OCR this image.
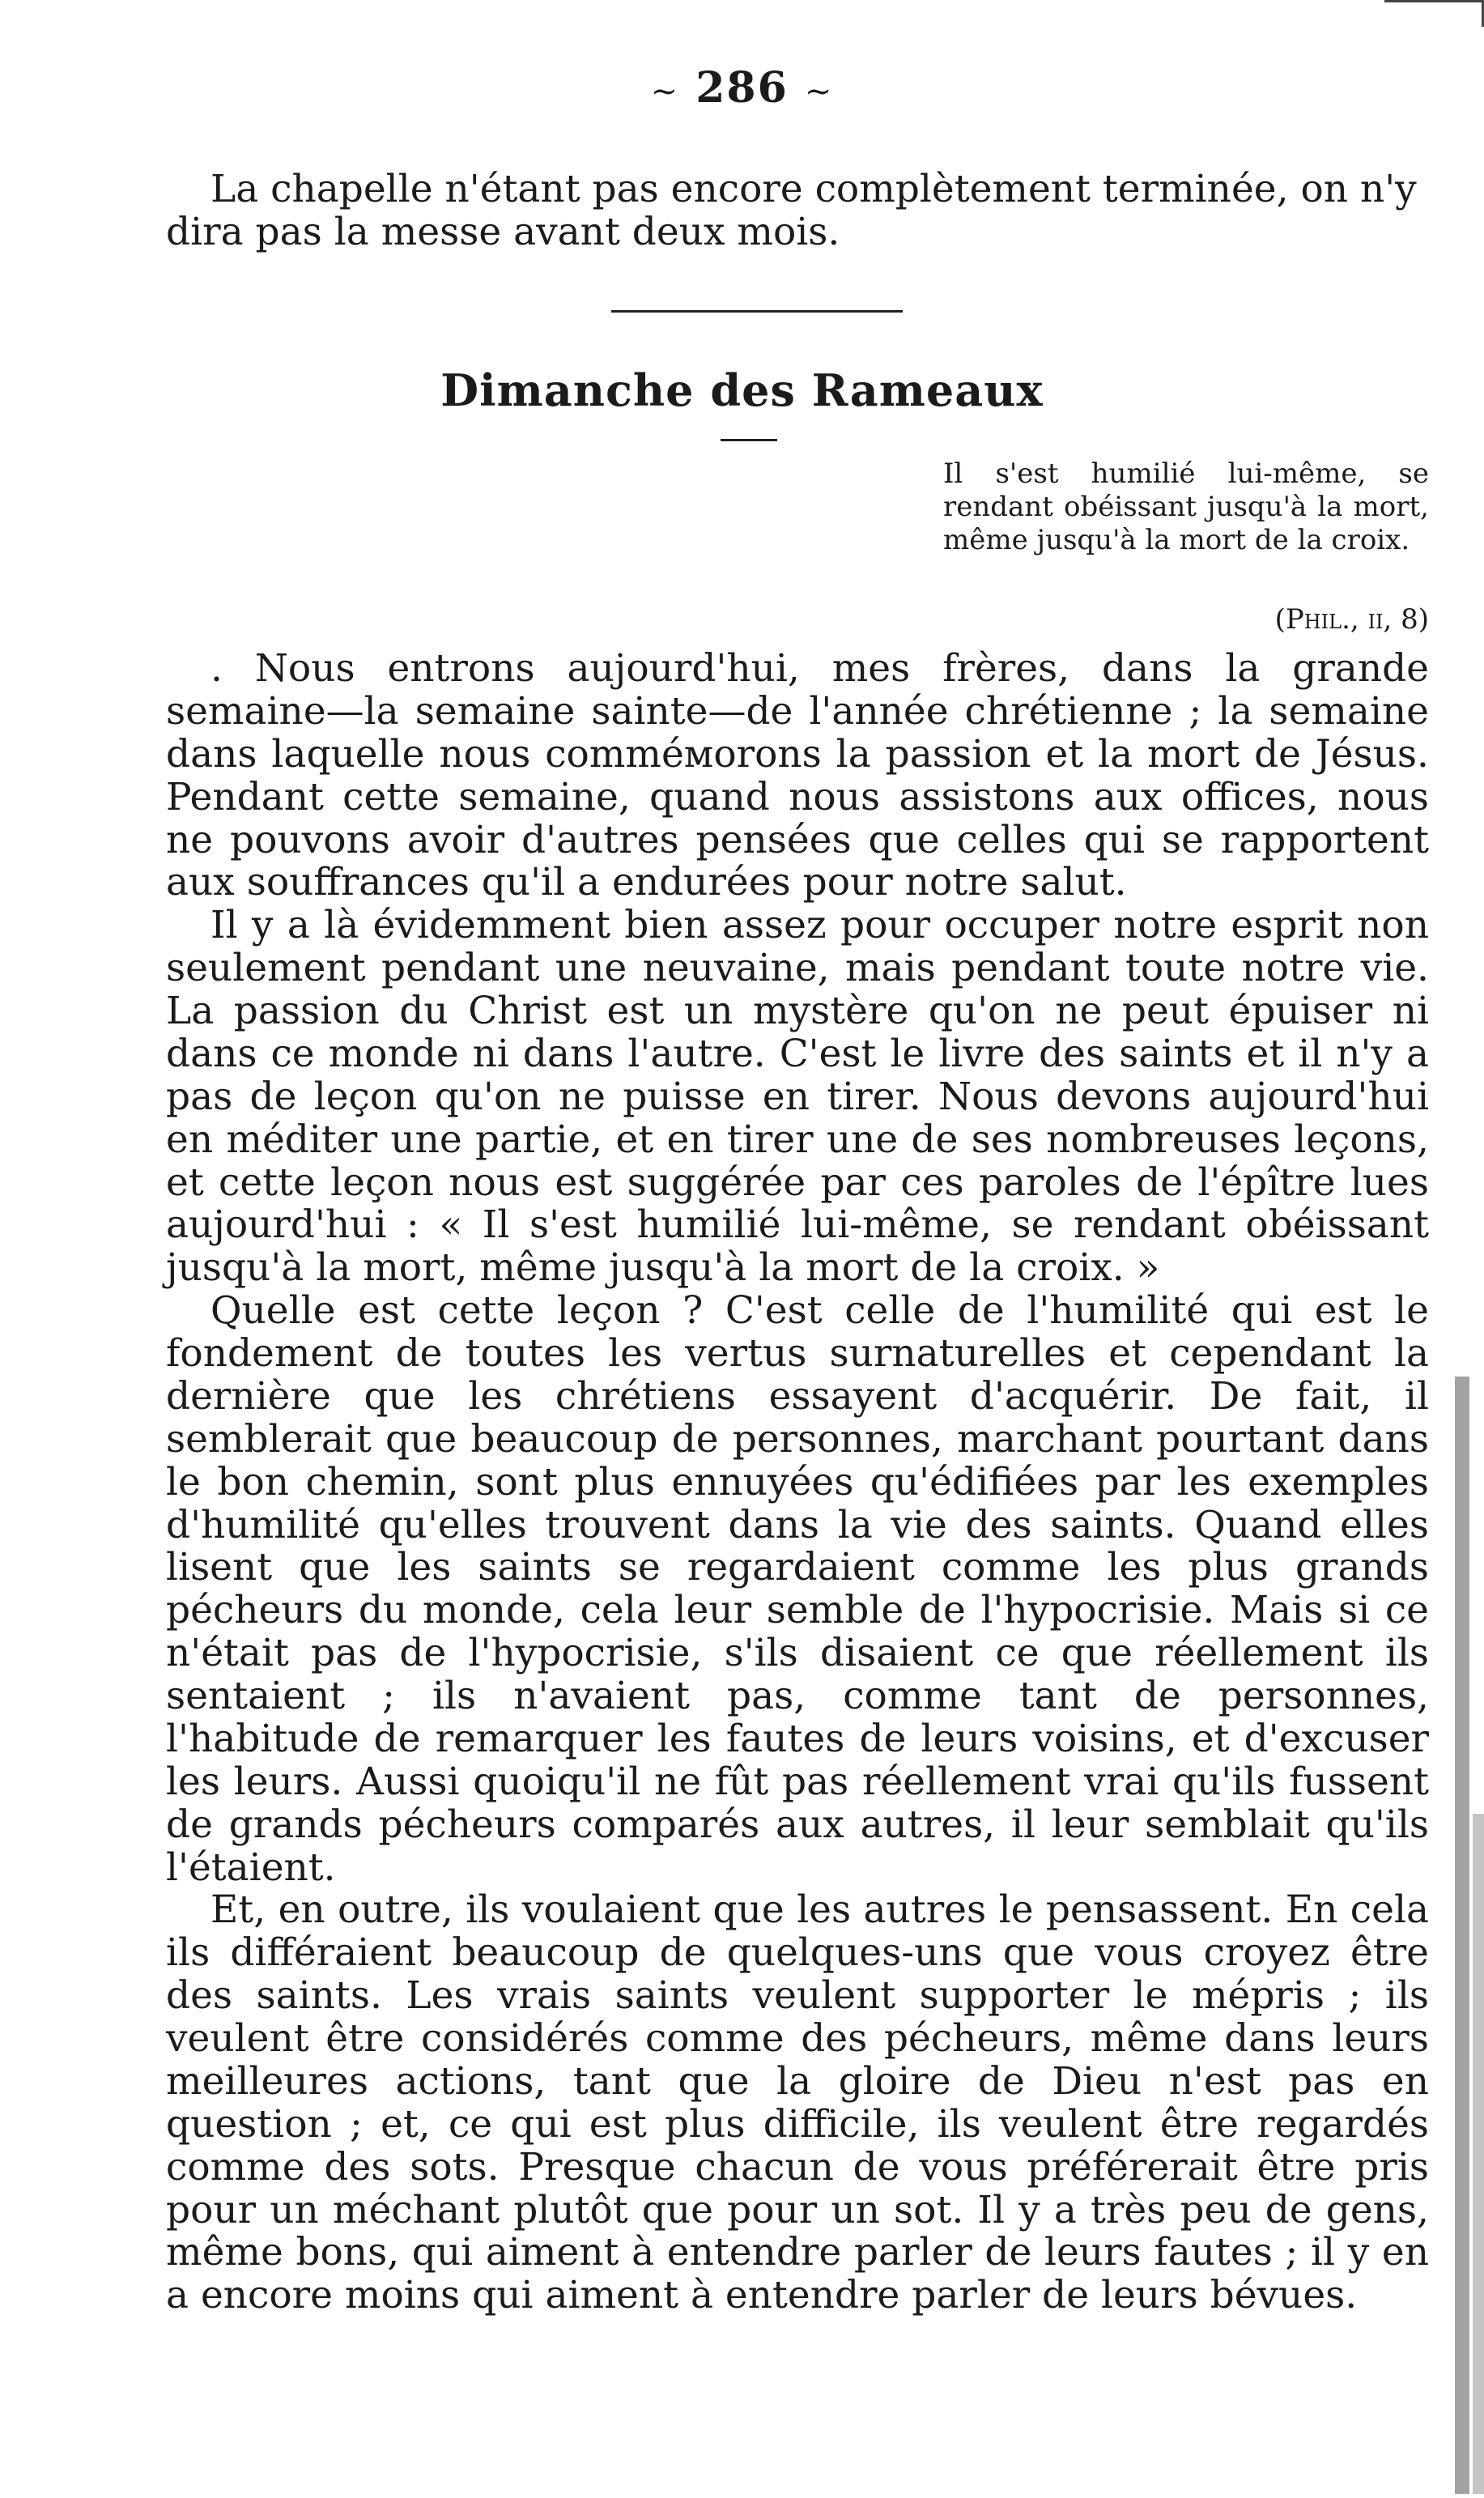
~ 286 ~

La chapelle n'étant pas encore complètement terminée, on n'y dira pas la messe avant deux mois.

Dimanche des Rameaux
Il s'est humilié lui-même, se rendant obéissant jusqu'à la mort, même jusqu'à la mort de la croix.
(Phil., ii, 8)

. Nous entrons aujourd'hui, mes frères, dans la grande semaine—la semaine sainte—de l'année chrétienne ; la semaine dans laquelle nous comméмorons la passion et la mort de Jésus. Pendant cette semaine, quand nous assistons aux offices, nous ne pouvons avoir d'autres pensées que celles qui se rapportent aux souffrances qu'il a endurées pour notre salut.

Il y a là évidemment bien assez pour occuper notre esprit non seulement pendant une neuvaine, mais pendant toute notre vie. La passion du Christ est un mystère qu'on ne peut épuiser ni dans ce monde ni dans l'autre. C'est le livre des saints et il n'y a pas de leçon qu'on ne puisse en tirer. Nous devons aujourd'hui en méditer une partie, et en tirer une de ses nombreuses leçons, et cette leçon nous est suggérée par ces paroles de l'épître lues aujourd'hui : « Il s'est humilié lui-même, se rendant obéissant jusqu'à la mort, même jusqu'à la mort de la croix. »

Quelle est cette leçon ? C'est celle de l'humilité qui est le fondement de toutes les vertus surnaturelles et cependant la dernière que les chrétiens essayent d'acquérir. De fait, il semblerait que beaucoup de personnes, marchant pourtant dans le bon chemin, sont plus ennuyées qu'édifiées par les exemples d'humilité qu'elles trouvent dans la vie des saints. Quand elles lisent que les saints se regardaient comme les plus grands pécheurs du monde, cela leur semble de l'hypocrisie. Mais si ce n'était pas de l'hypocrisie, s'ils disaient ce que réellement ils sentaient ; ils n'avaient pas, comme tant de personnes, l'habitude de remarquer les fautes de leurs voisins, et d'excuser les leurs. Aussi quoiqu'il ne fût pas réellement vrai qu'ils fussent de grands pécheurs comparés aux autres, il leur semblait qu'ils l'étaient.

Et, en outre, ils voulaient que les autres le pensassent. En cela ils différaient beaucoup de quelques-uns que vous croyez être des saints. Les vrais saints veulent supporter le mépris ; ils veulent être considérés comme des pécheurs, même dans leurs meilleures actions, tant que la gloire de Dieu n'est pas en question ; et, ce qui est plus difficile, ils veulent être regardés comme des sots. Presque chacun de vous préférerait être pris pour un méchant plutôt que pour un sot. Il y a très peu de gens, même bons, qui aiment à entendre parler de leurs fautes ; il y en a encore moins qui aiment à entendre parler de leurs bévues.
